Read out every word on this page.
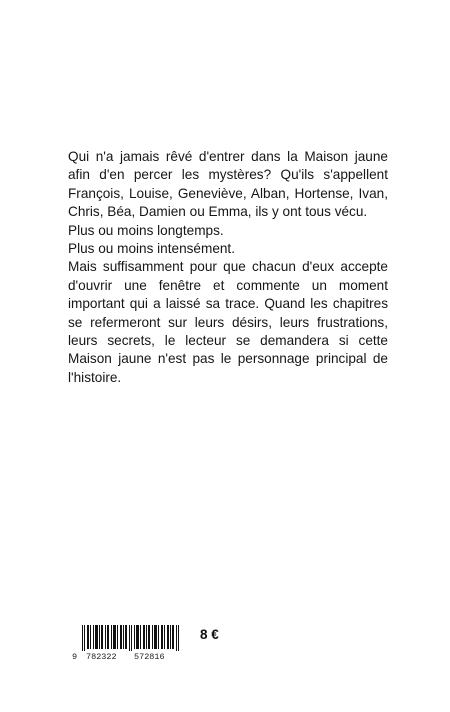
Qui n'a jamais rêvé d'entrer dans la Maison jaune afin d'en percer les mystères? Qu'ils s'appellent François, Louise, Geneviève, Alban, Hortense, Ivan, Chris, Béa, Damien ou Emma, ils y ont tous vécu.

Plus ou moins longtemps.

Plus ou moins intensément.

Mais suffisamment pour que chacun d'eux accepte d'ouvrir une fenêtre et commente un moment important qui a laissé sa trace. Quand les chapitres se refermeront sur leurs désirs, leurs frustrations, leurs secrets, le lecteur se demandera si cette Maison jaune n'est pas le personnage principal de l'histoire.

9 782322 572816
8 €
